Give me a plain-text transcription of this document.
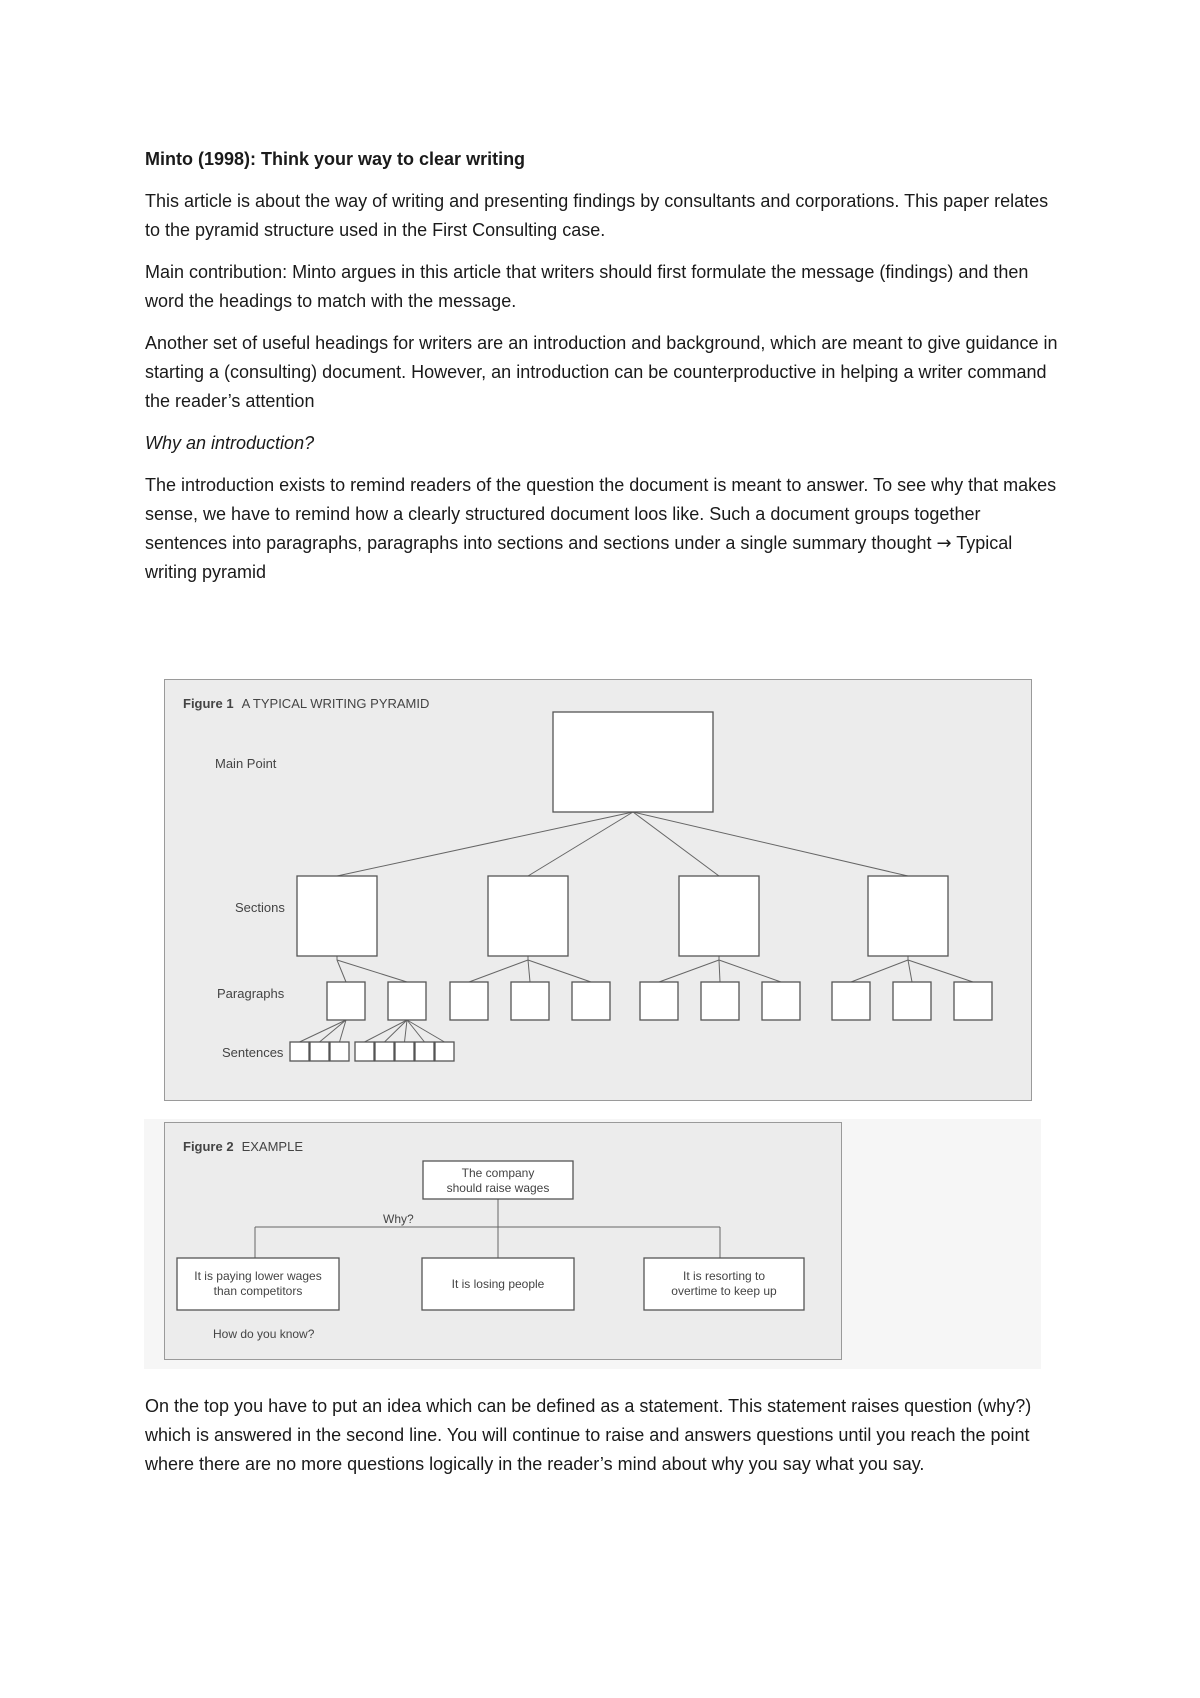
Minto (1998): Think your way to clear writing

This article is about the way of writing and presenting findings by consultants and corporations. This paper relates to the pyramid structure used in the First Consulting case.

Main contribution: Minto argues in this article that writers should first formulate the message (findings) and then word the headings to match with the message.

Another set of useful headings for writers are an introduction and background, which are meant to give guidance in starting a (consulting) document. However, an introduction can be counterproductive in helping a writer command the reader’s attention

Why an introduction?

The introduction exists to remind readers of the question the document is meant to answer. To see why that makes sense, we have to remind how a clearly structured document loos like. Such a document groups together sentences into paragraphs, paragraphs into sections and sections under a single summary thought → Typical writing pyramid

Figure 1 A TYPICAL WRITING PYRAMID
Main Point
Sections
Paragraphs
Sentences
Figure 2 EXAMPLE
The company
should raise wages
Why?
It is paying lower wages
than competitors	It is losing people
It is resorting to
overtime to keep up
How do you know?

On the top you have to put an idea which can be defined as a statement. This statement raises question (why?) which is answered in the second line. You will continue to raise and answers questions until you reach the point where there are no more questions logically in the reader’s mind about why you say what you say.
